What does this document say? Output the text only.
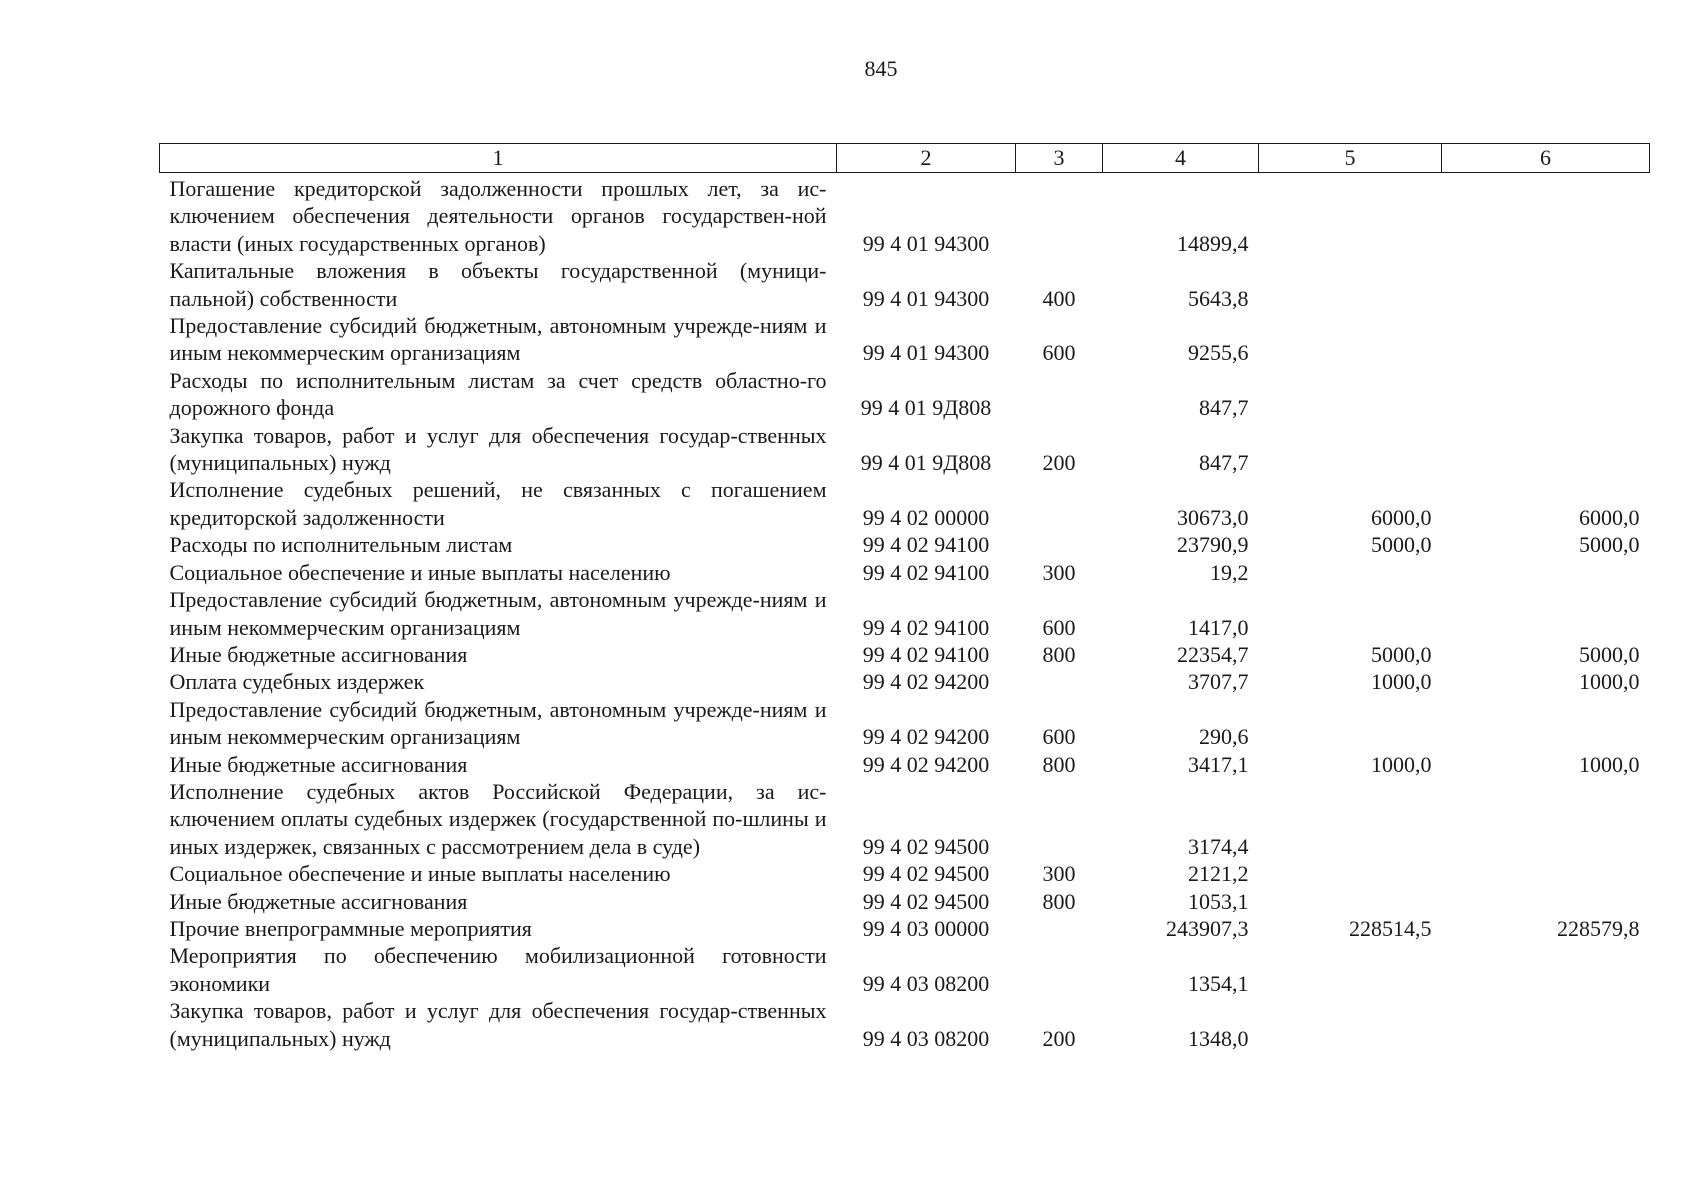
845
1	2	3	4	5	6
Погашение кредиторской задолженности прошлых лет, за ис-ключением обеспечения деятельности органов государствен-ной власти (иных государственных органов)	99 4 01 94300		14899,4		
Капитальные вложения в объекты государственной (муници-пальной) собственности	99 4 01 94300	400	5643,8		
Предоставление субсидий бюджетным, автономным учрежде-ниям и иным некоммерческим организациям	99 4 01 94300	600	9255,6		
Расходы по исполнительным листам за счет средств областно-го дорожного фонда	99 4 01 9Д808		847,7		
Закупка товаров, работ и услуг для обеспечения государ-ственных (муниципальных) нужд	99 4 01 9Д808	200	847,7		
Исполнение судебных решений, не связанных с погашением кредиторской задолженности	99 4 02 00000		30673,0	6000,0	6000,0
Расходы по исполнительным листам	99 4 02 94100		23790,9	5000,0	5000,0
Социальное обеспечение и иные выплаты населению	99 4 02 94100	300	19,2		
Предоставление субсидий бюджетным, автономным учрежде-ниям и иным некоммерческим организациям	99 4 02 94100	600	1417,0		
Иные бюджетные ассигнования	99 4 02 94100	800	22354,7	5000,0	5000,0
Оплата судебных издержек	99 4 02 94200		3707,7	1000,0	1000,0
Предоставление субсидий бюджетным, автономным учрежде-ниям и иным некоммерческим организациям	99 4 02 94200	600	290,6		
Иные бюджетные ассигнования	99 4 02 94200	800	3417,1	1000,0	1000,0
Исполнение судебных актов Российской Федерации, за ис-ключением оплаты судебных издержек (государственной по-шлины и иных издержек, связанных с рассмотрением дела в суде)	99 4 02 94500		3174,4		
Социальное обеспечение и иные выплаты населению	99 4 02 94500	300	2121,2		
Иные бюджетные ассигнования	99 4 02 94500	800	1053,1		
Прочие внепрограммные мероприятия	99 4 03 00000		243907,3	228514,5	228579,8
Мероприятия по обеспечению мобилизационной готовности экономики	99 4 03 08200		1354,1		
Закупка товаров, работ и услуг для обеспечения государ-ственных (муниципальных) нужд	99 4 03 08200	200	1348,0		
